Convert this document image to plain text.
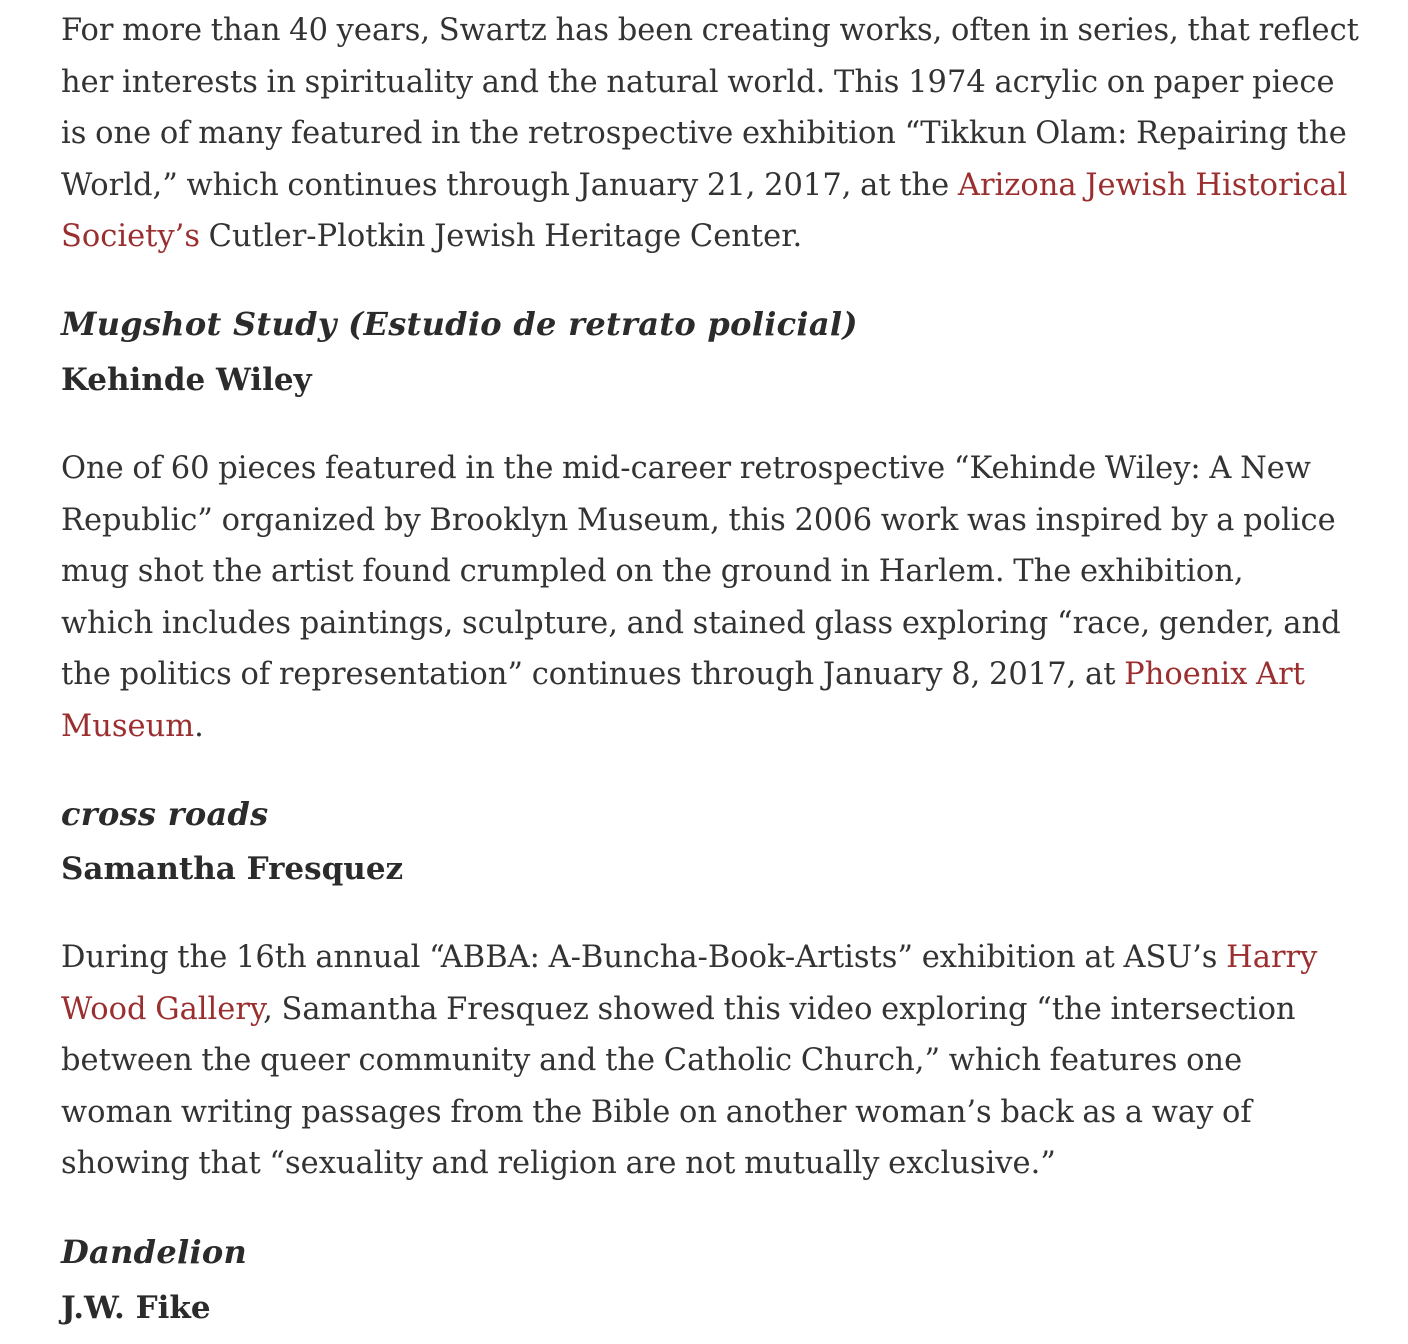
For more than 40 years, Swartz has been creating works, often in series, that reflect
her interests in spirituality and the natural world. This 1974 acrylic on paper piece
is one of many featured in the retrospective exhibition “Tikkun Olam: Repairing the
World,” which continues through January 21, 2017, at the Arizona Jewish Historical
Society’s Cutler-Plotkin Jewish Heritage Center.

Mugshot Study (Estudio de retrato policial)
Kehinde Wiley

One of 60 pieces featured in the mid-career retrospective “Kehinde Wiley: A New
Republic” organized by Brooklyn Museum, this 2006 work was inspired by a police
mug shot the artist found crumpled on the ground in Harlem. The exhibition,
which includes paintings, sculpture, and stained glass exploring “race, gender, and
the politics of representation” continues through January 8, 2017, at Phoenix Art
Museum.

cross roads
Samantha Fresquez

During the 16th annual “ABBA: A-Buncha-Book-Artists” exhibition at ASU’s Harry
Wood Gallery, Samantha Fresquez showed this video exploring “the intersection
between the queer community and the Catholic Church,” which features one
woman writing passages from the Bible on another woman’s back as a way of
showing that “sexuality and religion are not mutually exclusive.”

Dandelion
J.W. Fike
